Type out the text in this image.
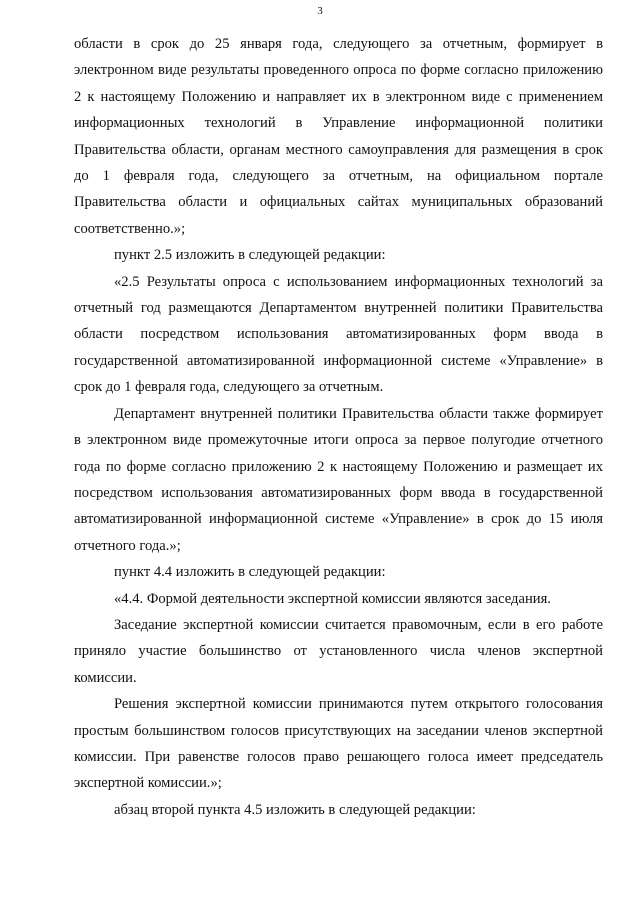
3

области в срок до 25 января года, следующего за отчетным, формирует в электронном виде результаты проведенного опроса по форме согласно приложению 2 к настоящему Положению и направляет их в электронном виде с применением информационных технологий в Управление информационной политики Правительства области, органам местного самоуправления для размещения в срок до 1 февраля года, следующего за отчетным, на официальном портале Правительства области и официальных сайтах муниципальных образований соответственно.»;

пункт 2.5 изложить в следующей редакции:

«2.5 Результаты опроса с использованием информационных технологий за отчетный год размещаются Департаментом внутренней политики Правительства области посредством использования автоматизированных форм ввода в государственной автоматизированной информационной системе «Управление» в срок до 1 февраля года, следующего за отчетным.

Департамент внутренней политики Правительства области также формирует в электронном виде промежуточные итоги опроса за первое полугодие отчетного года по форме согласно приложению 2 к настоящему Положению и размещает их посредством использования автоматизированных форм ввода в государственной автоматизированной информационной системе «Управление» в срок до 15 июля отчетного года.»;

пункт 4.4 изложить в следующей редакции:

«4.4. Формой деятельности экспертной комиссии являются заседания.

Заседание экспертной комиссии считается правомочным, если в его работе приняло участие большинство от установленного числа членов экспертной комиссии.

Решения экспертной комиссии принимаются путем открытого голосования простым большинством голосов присутствующих на заседании членов экспертной комиссии. При равенстве голосов право решающего голоса имеет председатель экспертной комиссии.»;

абзац второй пункта 4.5 изложить в следующей редакции:
